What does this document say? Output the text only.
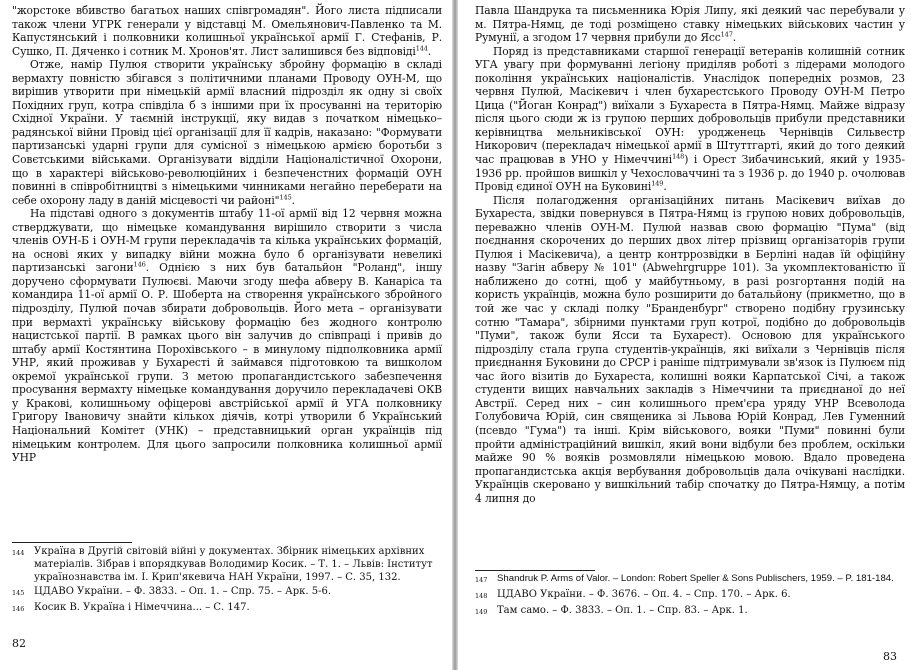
"жорстоке вбивство багатьох наших співгромадян". Його листа підписали також члени УГРК генерали у відставці М. Омельянович-Павленко та М. Капустянський і полковники колишньої української армії Г. Стефанів, Р. Сушко, П. Дяченко і сотник М. Хронов'ят. Лист залишився без відповіді$^{144}$.

Отже, намір Пулюя створити українську збройну формацію в складі вермахту повністю збігався з політичними планами Проводу ОУН-М, що вирішив утворити при німецькій армії власний підрозділ як одну зі своїх Похідних груп, котра співділа б з іншими при їх просуванні на територію Східної України. У таємній інструкції, яку видав з початком німецько–радянської війни Провід цієї організації для її кадрів, наказано: "Формувати партизанські ударні групи для сумісної з німецькою армією боротьби з Совєтськими військами. Організувати відділи Націоналістичної Охорони, що в характері військово-революційних і безпеченстних формацій ОУН повинні в співробітництві з німецькими чинниками негайно переберати на себе охорону ладу в даній місцевості чи районі"$^{145}$.

На підставі одного з документів штабу 11-ої армії від 12 червня можна стверджувати, що німецьке командування вирішило створити з числа членів ОУН-Б і ОУН-М групи перекладачів та кілька українських формацій, на основі яких у випадку війни можна було б організувати невеликі партизанські загони$^{146}$. Однією з них був батальйон "Роланд", іншу доручено сформувати Пулюєві. Маючи згоду шефа абверу В. Канаріса та командира 11-ої армії О. Р. Шоберта на створення українського збройного підрозділу, Пулюй почав збирати добровольців. Його мета – організувати при вермахті українську військову формацію без жодного контролю нацистської партії. В рамках цього він залучив до співпраці і привів до штабу армії Костянтина Порохівського – в минулому підполковника армії УНР, який проживав у Бухаресті й займався підготовкою та вишколом окремої української групи. З метою пропагандистського забезпечення просування вермахту німецьке командування доручило перекладачеві ОКВ у Кракові, колишньому офіцерові австрійської армії й УГА полковнику Григору Івановичу знайти кількох діячів, котрі утворили б Український Національний Комітет (УНК) – представницький орган українців під німецьким контролем. Для цього запросили полковника колишньої армії УНР

144 Україна в Другій світовій війні у документах. Збірник німецьких архівних матеріалів. Зібрав і впорядкував Володимир Косик. – Т. 1. – Львів: Інститут українознавства ім. І. Крип'якевича НАН України, 1997. – С. 35, 132.
145 ЦДАВО України. – Ф. 3833. – Оп. 1. – Спр. 75. – Арк. 5-6.
146 Косик В. Україна і Німеччина... – С. 147.
82

Павла Шандрука та письменника Юрія Липу, які деякий час перебували у м. Пятра-Нямц, де тоді розміщено ставку німецьких військових частин у Румунії, а згодом 17 червня прибули до Ясс$^{147}$.

Поряд із представниками старшої генерації ветеранів колишній сотник УГА увагу при формуванні легіону приділяв роботі з лідерами молодого покоління українських націоналістів. Унаслідок попередніх розмов, 23 червня Пулюй, Масікевич і член бухарестського Проводу ОУН-М Петро Цица ("Йоган Конрад") виїхали з Бухареста в Пятра-Нямц. Майже відразу після цього сюди ж із групою перших добровольців прибули представники керівництва мельниківської ОУН: уродженець Чернівців Сильвестр Никорович (перекладач німецької армії в Штуттгарті, який до того деякий час працював в УНО у Німеччині$^{148}$) і Орест Зибачинський, який у 1935-1936 рр. пройшов вишкіл у Чехословаччині та з 1936 р. до 1940 р. очолював Провід єдиної ОУН на Буковині$^{149}$.

Після полагодження організаційних питань Масікевич виїхав до Бухареста, звідки повернувся в Пятра-Нямц із групою нових добровольців, переважно членів ОУН-М. Пулюй назвав свою формацію "Пума" (від поєднання скорочених до перших двох літер прізвищ організаторів групи Пулюя і Масікевича), а центр контррозвідки в Берліні надав їй офіційну назву "Загін абверу № 101" (Abwehrgruppe 101). За укомплектованістю її наближено до сотні, щоб у майбутньому, в разі розгортання подій на користь українців, можна було розширити до батальйону (прикметно, що в той же час у складі полку "Бранденбург" створено подібну грузинську сотню "Тамара", збірними пунктами груп котрої, подібно до добровольців "Пуми", також були Ясси та Бухарест). Основою для українського підрозділу стала група студентів-українців, які виїхали з Чернівців після приєднання Буковини до СРСР і раніше підтримували зв'язок із Пулюєм під час його візитів до Бухареста, колишні вояки Карпатської Січі, а також студенти вищих навчальних закладів з Німеччини та приєднаної до неї Австрії. Серед них – син колишнього прем'єра уряду УНР Всеволода Голубовича Юрій, син священика зі Львова Юрій Конрад, Лев Гуменний (псевдо "Гума") та інші. Крім військового, вояки "Пуми" повинні були пройти адміністраційний вишкіл, який вони відбули без проблем, оскільки майже 90 % вояків розмовляли німецькою мовою. Вдало проведена пропагандистська акція вербування добровольців дала очікувані наслідки. Українців скеровано у вишкільний табір спочатку до Пятра-Нямцу, а потім 4 липня до

147 Shandruk P. Arms of Valor. – London: Robert Speller & Sons Publischers, 1959. – P. 181-184.
148 ЦДАВО України. – Ф. 3676. – Оп. 4. – Спр. 170. – Арк. 6.
149 Там само. – Ф. 3833. – Оп. 1. – Спр. 83. – Арк. 1.
83
